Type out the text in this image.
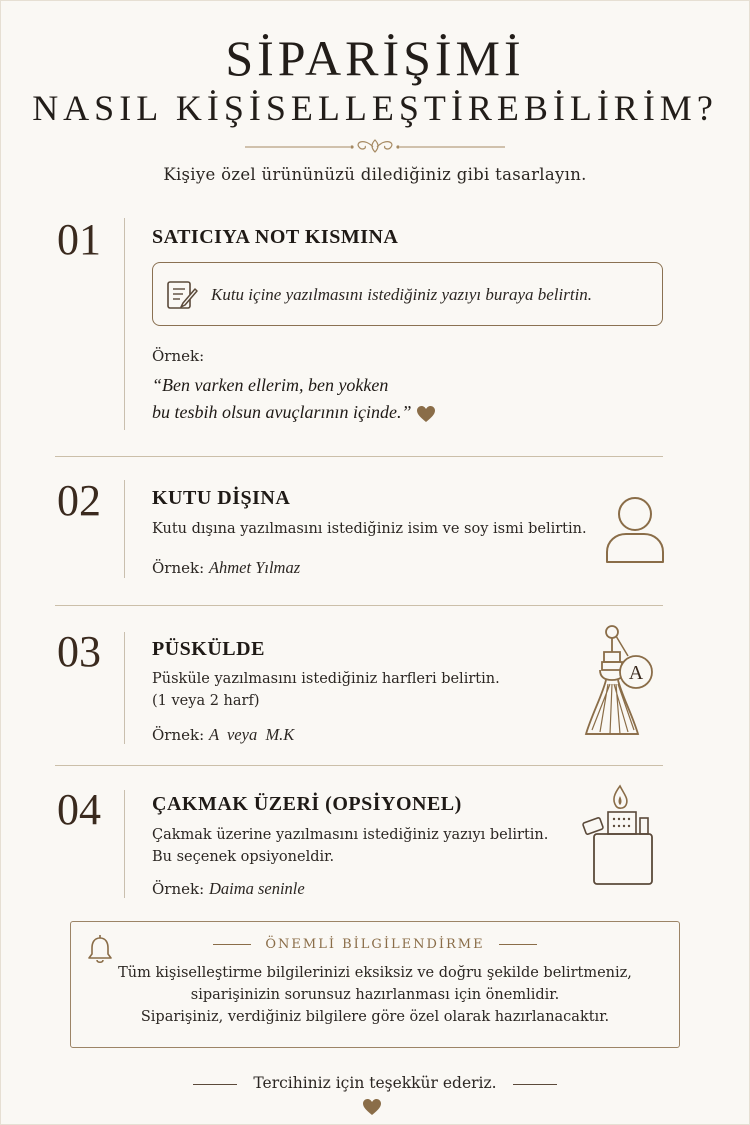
SİPARİŞİMİ
NASIL KİŞİSELLEŞTİREBİLİRİM?
Kişiye özel ürününüzü dilediğiniz gibi tasarlayın.
01	SATICIYA NOT KISMINA
Kutu içine yazılmasını istediğiniz yazıyı buraya belirtin.
Örnek:
“Ben varken ellerim, ben yokken
bu tesbih olsun avuçlarının içinde.”
02	KUTU DİŞINA
Kutu dışına yazılmasını istediğiniz isim ve soy ismi belirtin.
Örnek: Ahmet Yılmaz
03	PÜSKÜLDE
Püsküle yazılmasını istediğiniz harfleri belirtin.
(1 veya 2 harf)
Örnek: A  veya  M.K
A
04	ÇAKMAK ÜZERİ (OPSİYONEL)
Çakmak üzerine yazılmasını istediğiniz yazıyı belirtin.
Bu seçenek opsiyoneldir.
Örnek: Daima seninle
ÖNEMLİ BİLGİLENDİRME
Tüm kişiselleştirme bilgilerinizi eksiksiz ve doğru şekilde belirtmeniz,
siparişinizin sorunsuz hazırlanması için önemlidir.
Siparişiniz, verdiğiniz bilgilere göre özel olarak hazırlanacaktır.
Tercihiniz için teşekkür ederiz.
